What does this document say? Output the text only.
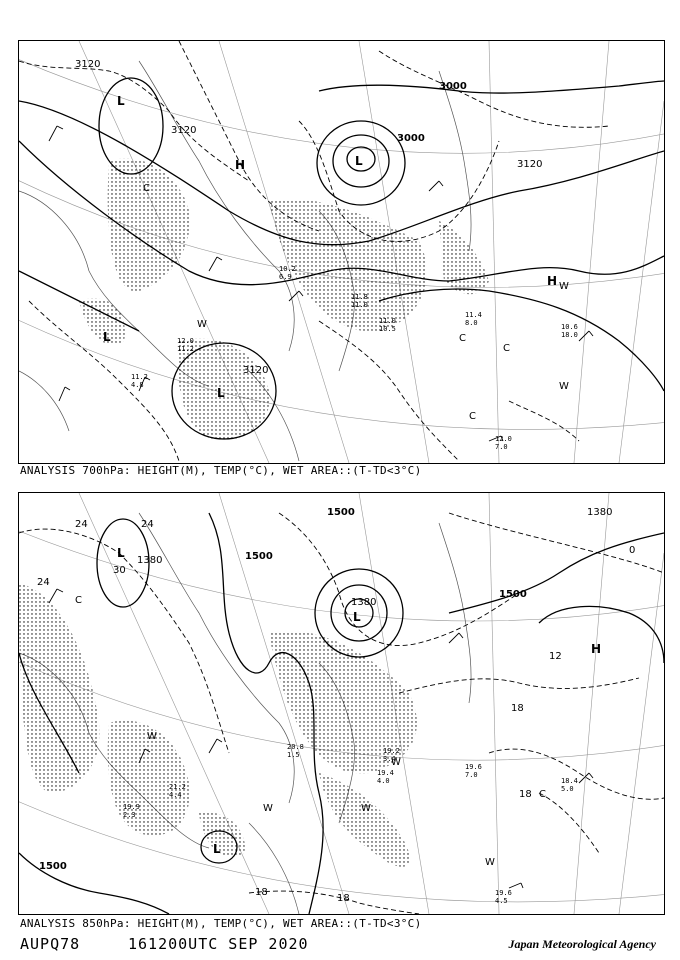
3120
3000
3120
3120
3000
3120
L
L
L
L
H
H
C
C
C
C
W
W
W
12.0
7.0
11.4
8.0	10.6
18.0
11.2
4.8
11.0
10.5
11.8
11.0
12.0
11.2
10.2
6.9
ANALYSIS 700hPa: HEIGHT(M), TEMP(°C), WET AREA::(T-TD<3°C)
1500
1500
1380
1500
1380
1380
1500
24	24
30
24
12
18
18
0
18
18
L
L
L
H
C
C
W
W	W
W
W	19.6
7.0
18.4
5.0
19.6
4.5
19.2
3.4
19.4
4.0
21.2
4.4
20.8
1.5
19.9
2.3
ANALYSIS 850hPa: HEIGHT(M), TEMP(°C), WET AREA::(T-TD<3°C)
AUPQ78	161200UTC SEP 2020	Japan Meteorological Agency
